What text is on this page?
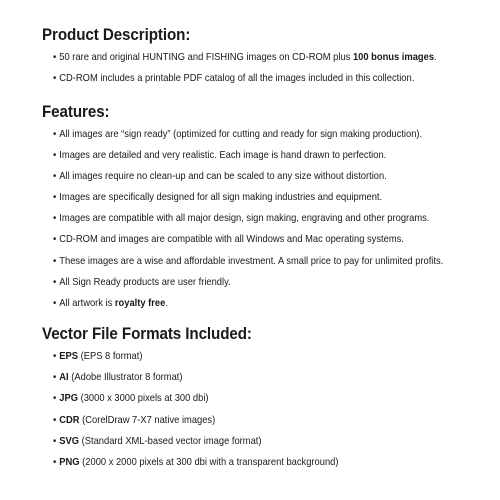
Product Description:
• 50 rare and original HUNTING and FISHING images on CD-ROM plus 100 bonus images.
• CD-ROM includes a printable PDF catalog of all the images included in this collection.
Features:
• All images are “sign ready” (optimized for cutting and ready for sign making production).
• Images are detailed and very realistic. Each image is hand drawn to perfection.
• All images require no clean-up and can be scaled to any size without distortion.
• Images are specifically designed for all sign making industries and equipment.
• Images are compatible with all major design, sign making, engraving and other programs.
• CD-ROM and images are compatible with all Windows and Mac operating systems.
• These images are a wise and affordable investment. A small price to pay for unlimited profits.
• All Sign Ready products are user friendly.
• All artwork is royalty free.
Vector File Formats Included:
• EPS (EPS 8 format)
• AI (Adobe Illustrator 8 format)
• JPG (3000 x 3000 pixels at 300 dbi)
• CDR (CorelDraw 7-X7 native images)
• SVG (Standard XML-based vector image format)
• PNG (2000 x 2000 pixels at 300 dbi with a transparent background)
